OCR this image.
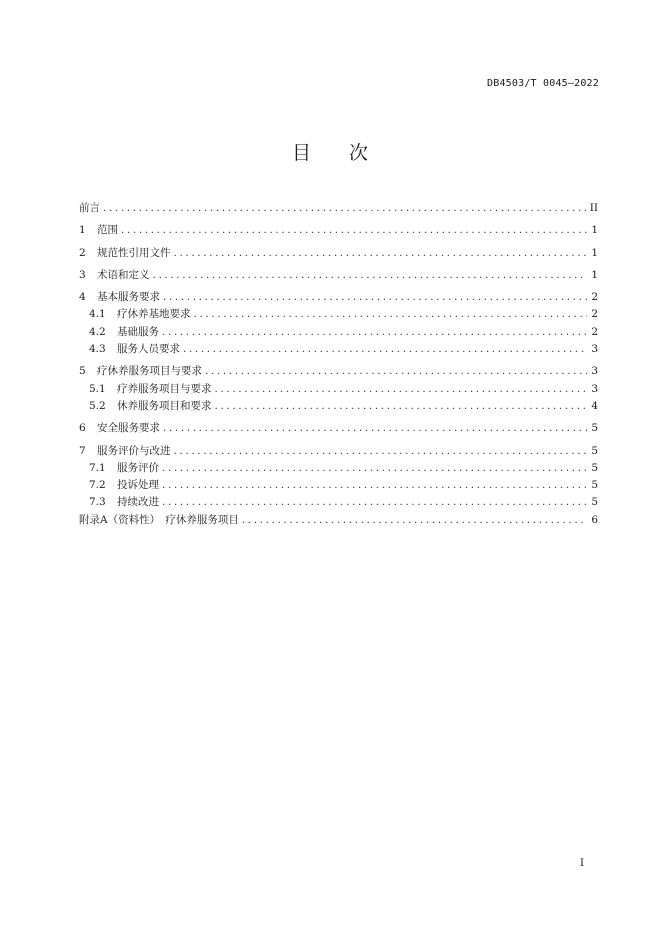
DB4503/T 0045—2022
目 次
前言 .....	II
1	范围 .....	1
2	规范性引用文件 .....	1
3	术语和定义 .....	1
4	基本服务要求 .....	2
4.1	疗休养基地要求 .....	2
4.2	基础服务 .....	2
4.3	服务人员要求 .....	3
5	疗休养服务项目与要求 .....	3
5.1	疗养服务项目与要求 .....	3
5.2	休养服务项目和要求 .....	4
6	安全服务要求 .....	5
7	服务评价与改进 .....	5
7.1	服务评价 .....	5
7.2	投诉处理 .....	5
7.3	持续改进 .....	5
附录A（资料性）　疗休养服务项目 .....	6
I
